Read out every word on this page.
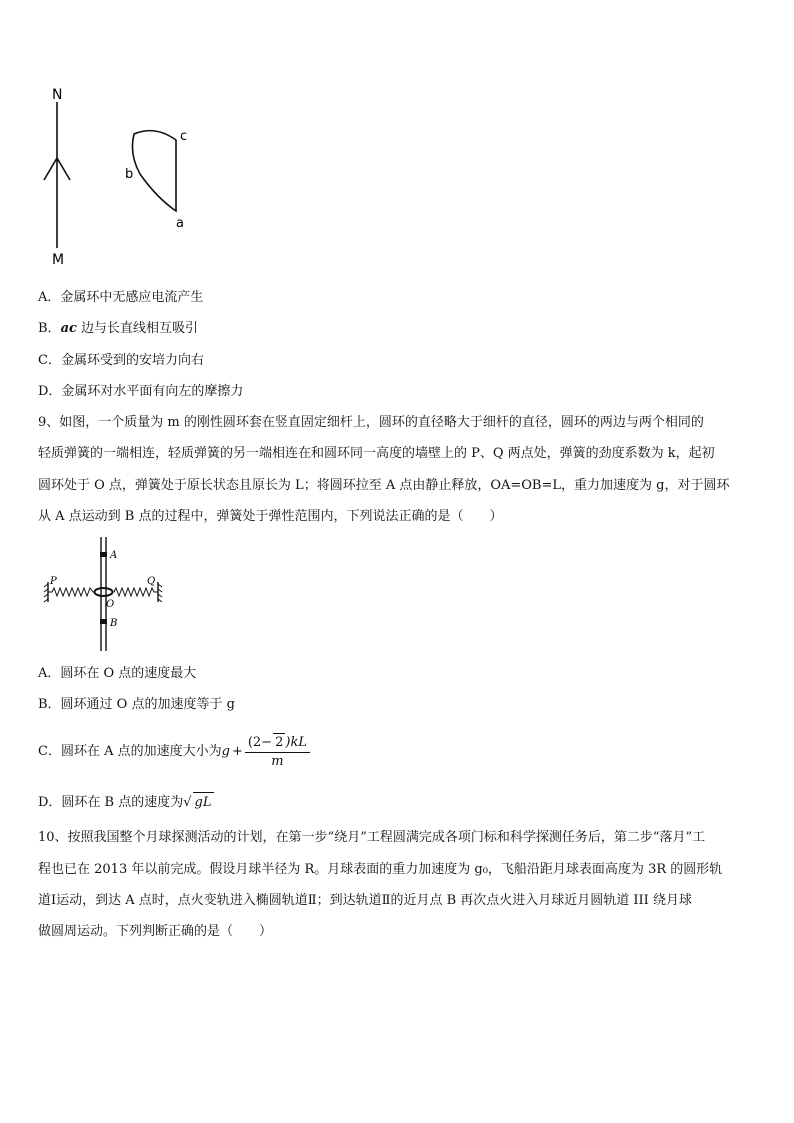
N
M
c
b
a
A．金属环中无感应电流产生
B．ac 边与长直线相互吸引
C．金属环受到的安培力向右
D．金属环对水平面有向左的摩擦力
9、如图，一个质量为 m 的刚性圆环套在竖直固定细杆上，圆环的直径略大于细杆的直径，圆环的两边与两个相同的
轻质弹簧的一端相连，轻质弹簧的另一端相连在和圆环同一高度的墙壁上的 P、Q 两点处，弹簧的劲度系数为 k，起初
圆环处于 O 点，弹簧处于原长状态且原长为 L；将圆环拉至 A 点由静止释放，OA=OB=L，重力加速度为 g，对于圆环
从 A 点运动到 B 点的过程中，弹簧处于弹性范围内，下列说法正确的是（　　）
A
B
O
P	Q
A．圆环在 O 点的速度最大
B．圆环通过 O 点的加速度等于 g
C．圆环在 A 点的加速度大小为$g + \frac{(2- 2 )kL}{m}$
D．圆环在 B 点的速度为√ gL
10、按照我国整个月球探测活动的计划，在第一步“绕月”工程圆满完成各项门标和科学探测任务后，第二步“落月”工
程也已在 2013 年以前完成。假设月球半径为 R。月球表面的重力加速度为 g₀，飞船沿距月球表面高度为 3R 的圆形轨
道Ⅰ运动，到达 A 点时，点火变轨进入椭圆轨道Ⅱ；到达轨道Ⅱ的近月点 B 再次点火进入月球近月圆轨道 III 绕月球
做圆周运动。下列判断正确的是（　　）
